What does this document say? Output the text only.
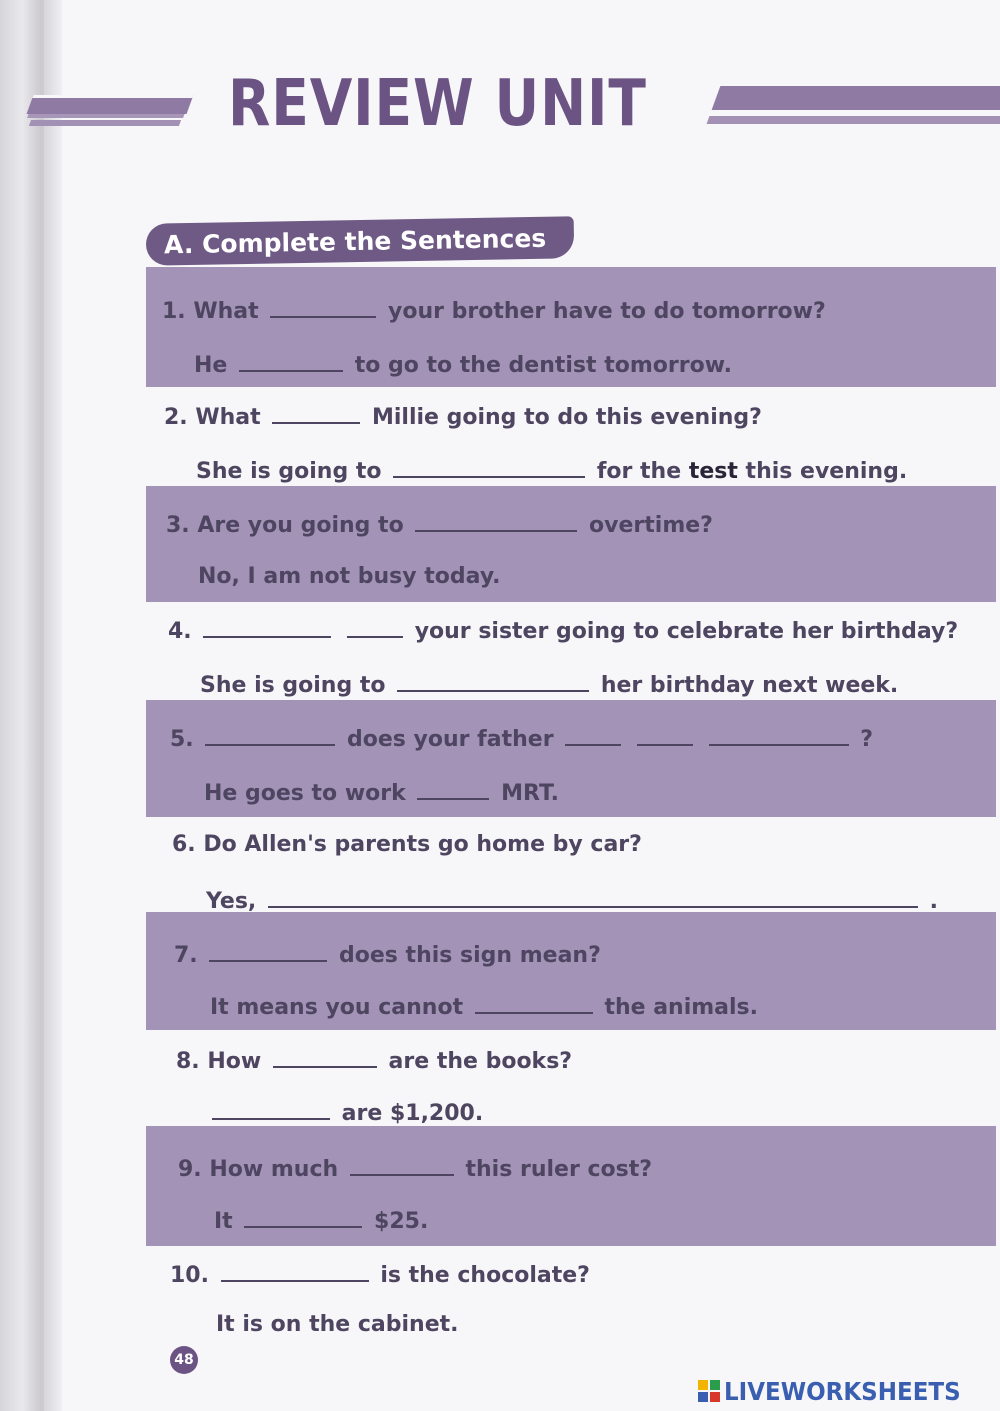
REVIEW UNIT
A. Complete the Sentences
1. What	your brother have to do tomorrow?
He	to go to the dentist tomorrow.
2. What	Millie going to do this evening?
She is going to	for the test this evening.
3. Are you going to	overtime?
No, I am not busy today.
4.	your sister going to celebrate her birthday?
She is going to	her birthday next week.
5.	does your father	?
He goes to work	MRT.
6. Do Allen's parents go home by car?
Yes,	.
7.	does this sign mean?
It means you cannot	the animals.
8. How	are the books?
are $1,200.
9. How much	this ruler cost?
It	$25.
10.	is the chocolate?
It is on the cabinet.
48
LIVEWORKSHEETS
